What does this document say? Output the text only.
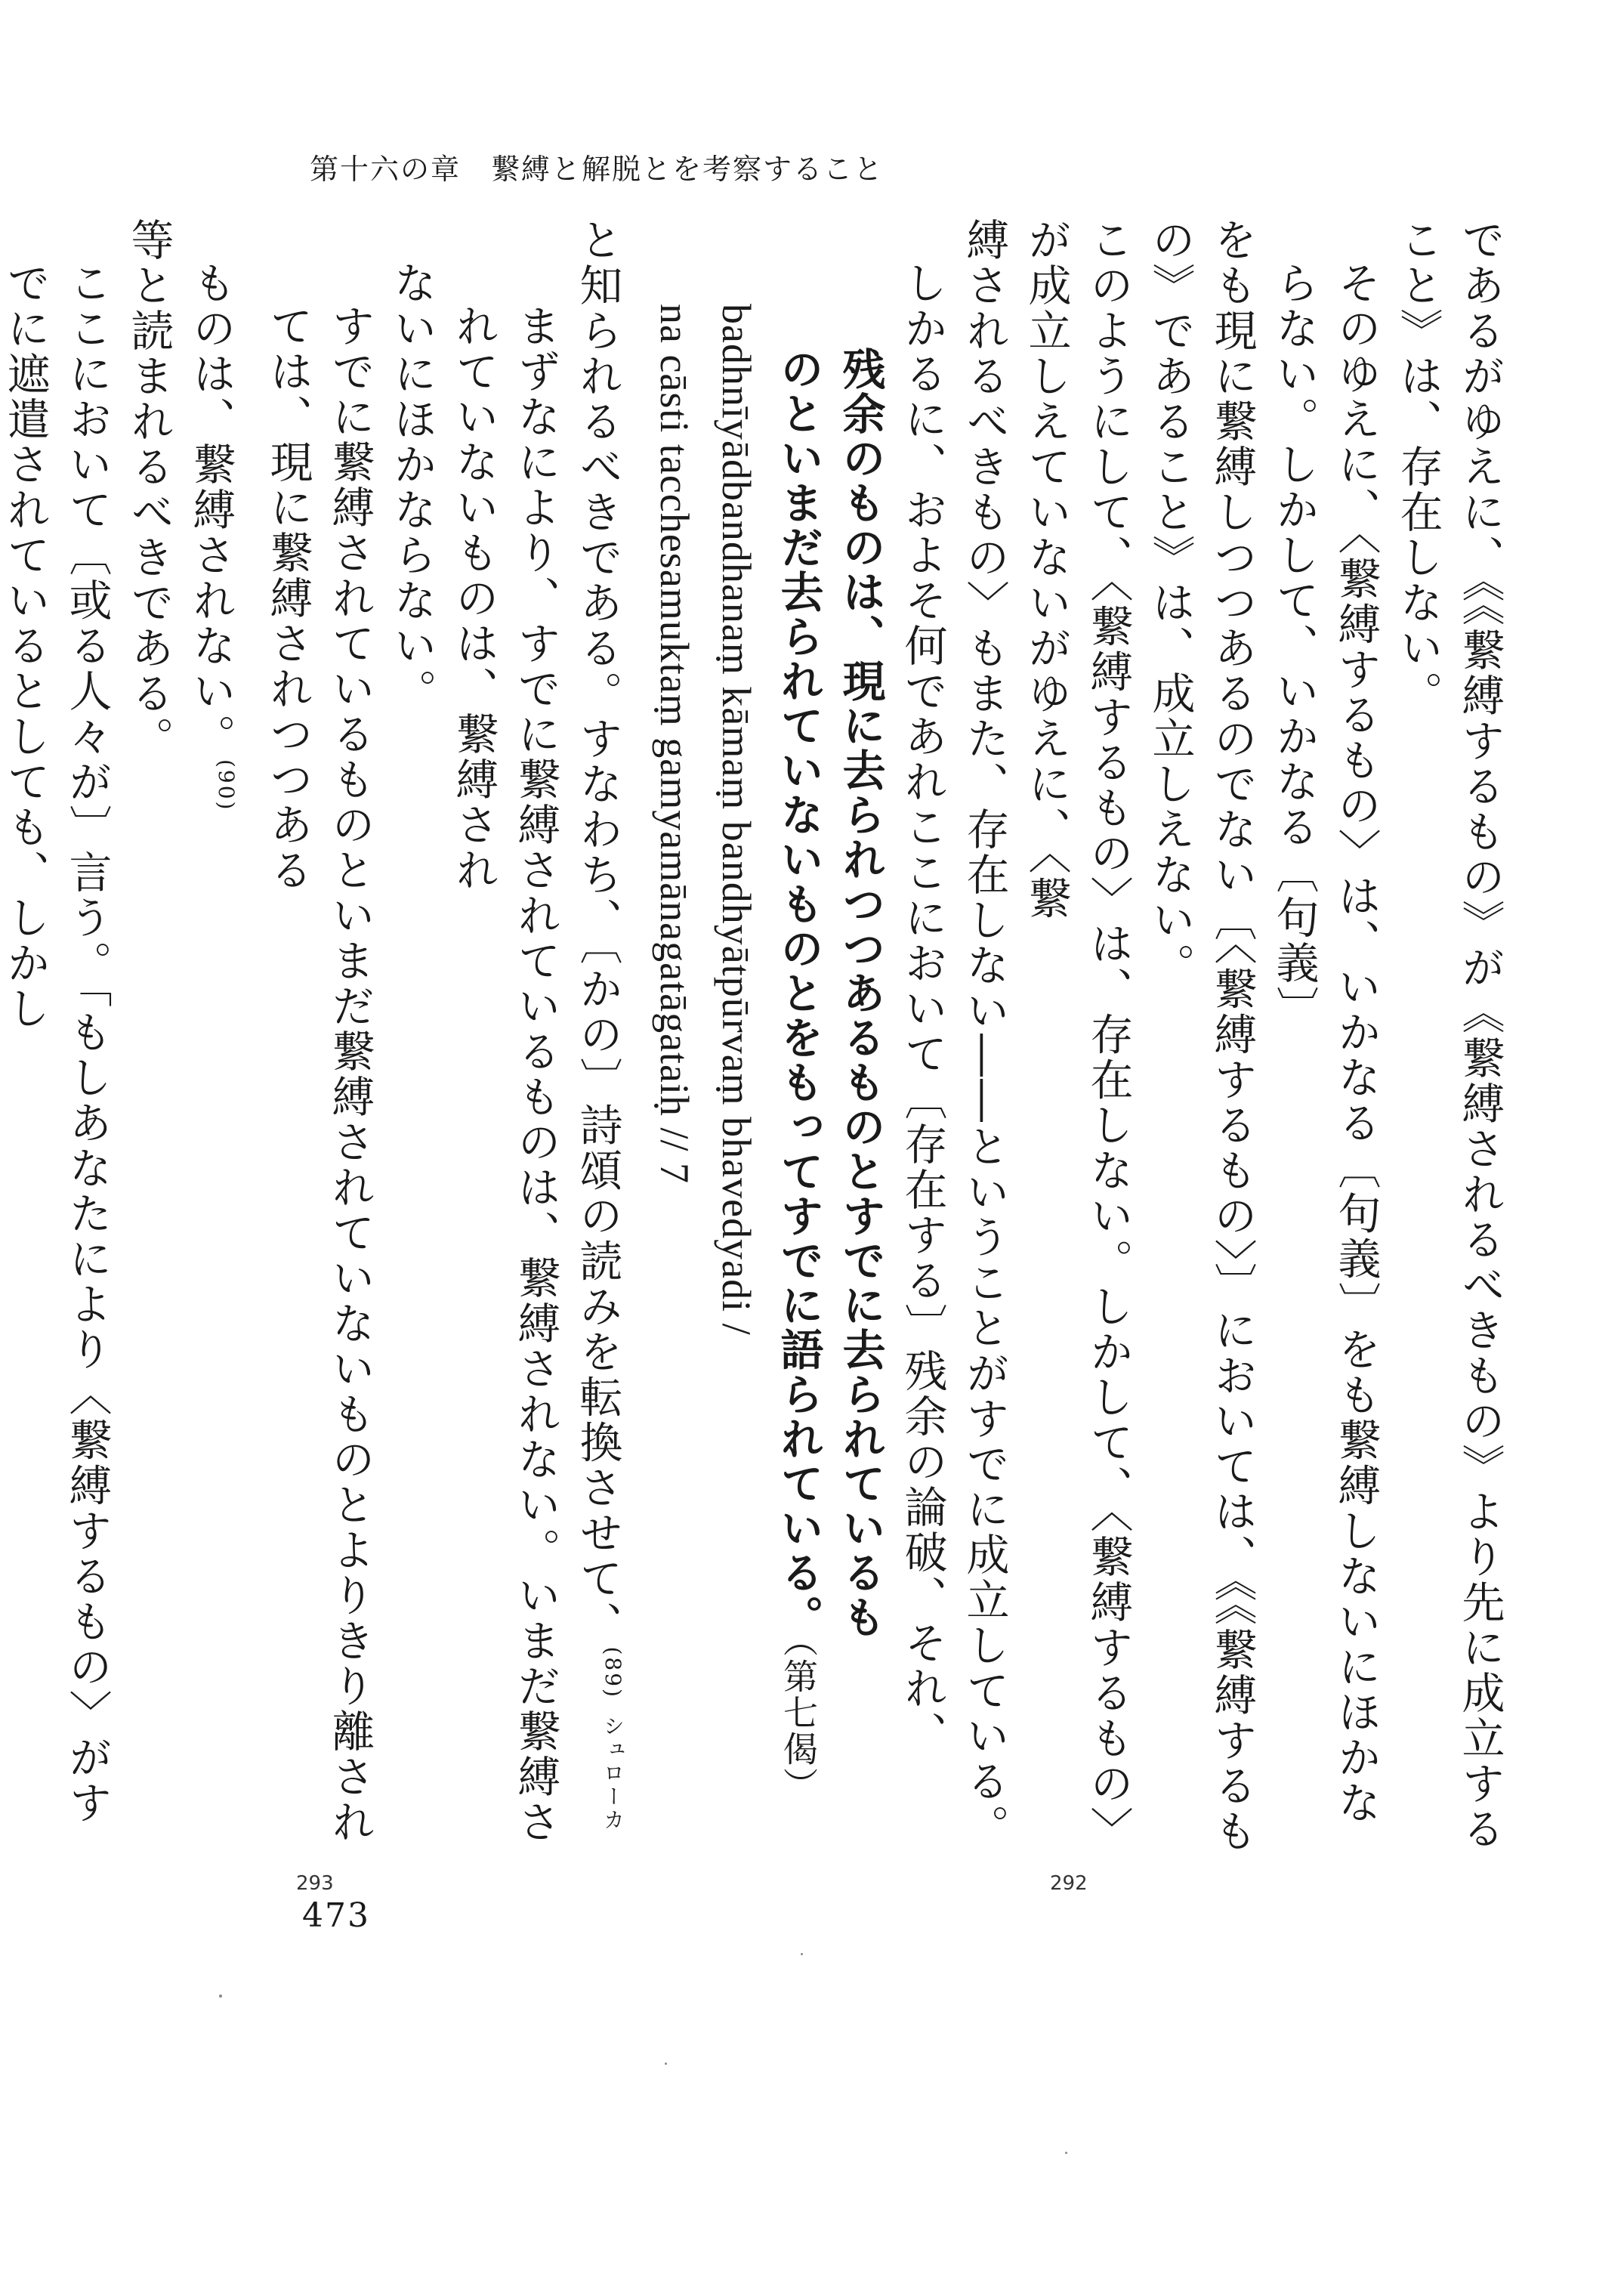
第十六の章　繋縛と解脱とを考察すること

であるがゆえに、《《繋縛するもの》が《繋縛されるべきもの》より先に成立すること》は、存在しない。

そのゆえに、〈繋縛するもの〉は、いかなる〔句義〕をも繋縛しないにほかならない。しかして、いかなる〔句義〕

をも現に繋縛しつつあるのでない〔〈繋縛するもの〉〕においては、《《繋縛するもの》であること》は、成立しえない。

このようにして、〈繋縛するもの〉は、存在しない。しかして、〈繋縛するもの〉が成立しえていないがゆえに、〈繋

縛されるべきもの〉もまた、存在しない――ということがすでに成立している。

しかるに、およそ何であれここにおいて〔存在する〕残余の論破、それ、

残余のものは、現に去られつつあるものとすでに去られているも

のといまだ去られていないものとをもってすでに語られている。（第七偈）

badhnīyādbandhanaṃ kāmaṃ bandhyātpūrvaṃ bhavedyadi /

na cāsti tacchesamuktaṃ gamyamānagatāgataiḥ // 7

と知られるべきである。すなわち、〔かの〕詩頌の読みを転換させて、$^{(89)}$ $^{シュローカ}$

まずなにより、すでに繋縛されているものは、繋縛されない。いまだ繋縛されていないものは、繋縛され

ないにほかならない。

すでに繋縛されているものといまだ繋縛されていないものとよりきり離されては、現に繋縛されつつある

ものは、繋縛されない。$^{(90)}$

等と読まれるべきである。

ここにおいて〔或る人々が〕言う。「もしあなたにより〈繋縛するもの〉がすでに遮遣されているとしても、しかし

293	292
473
